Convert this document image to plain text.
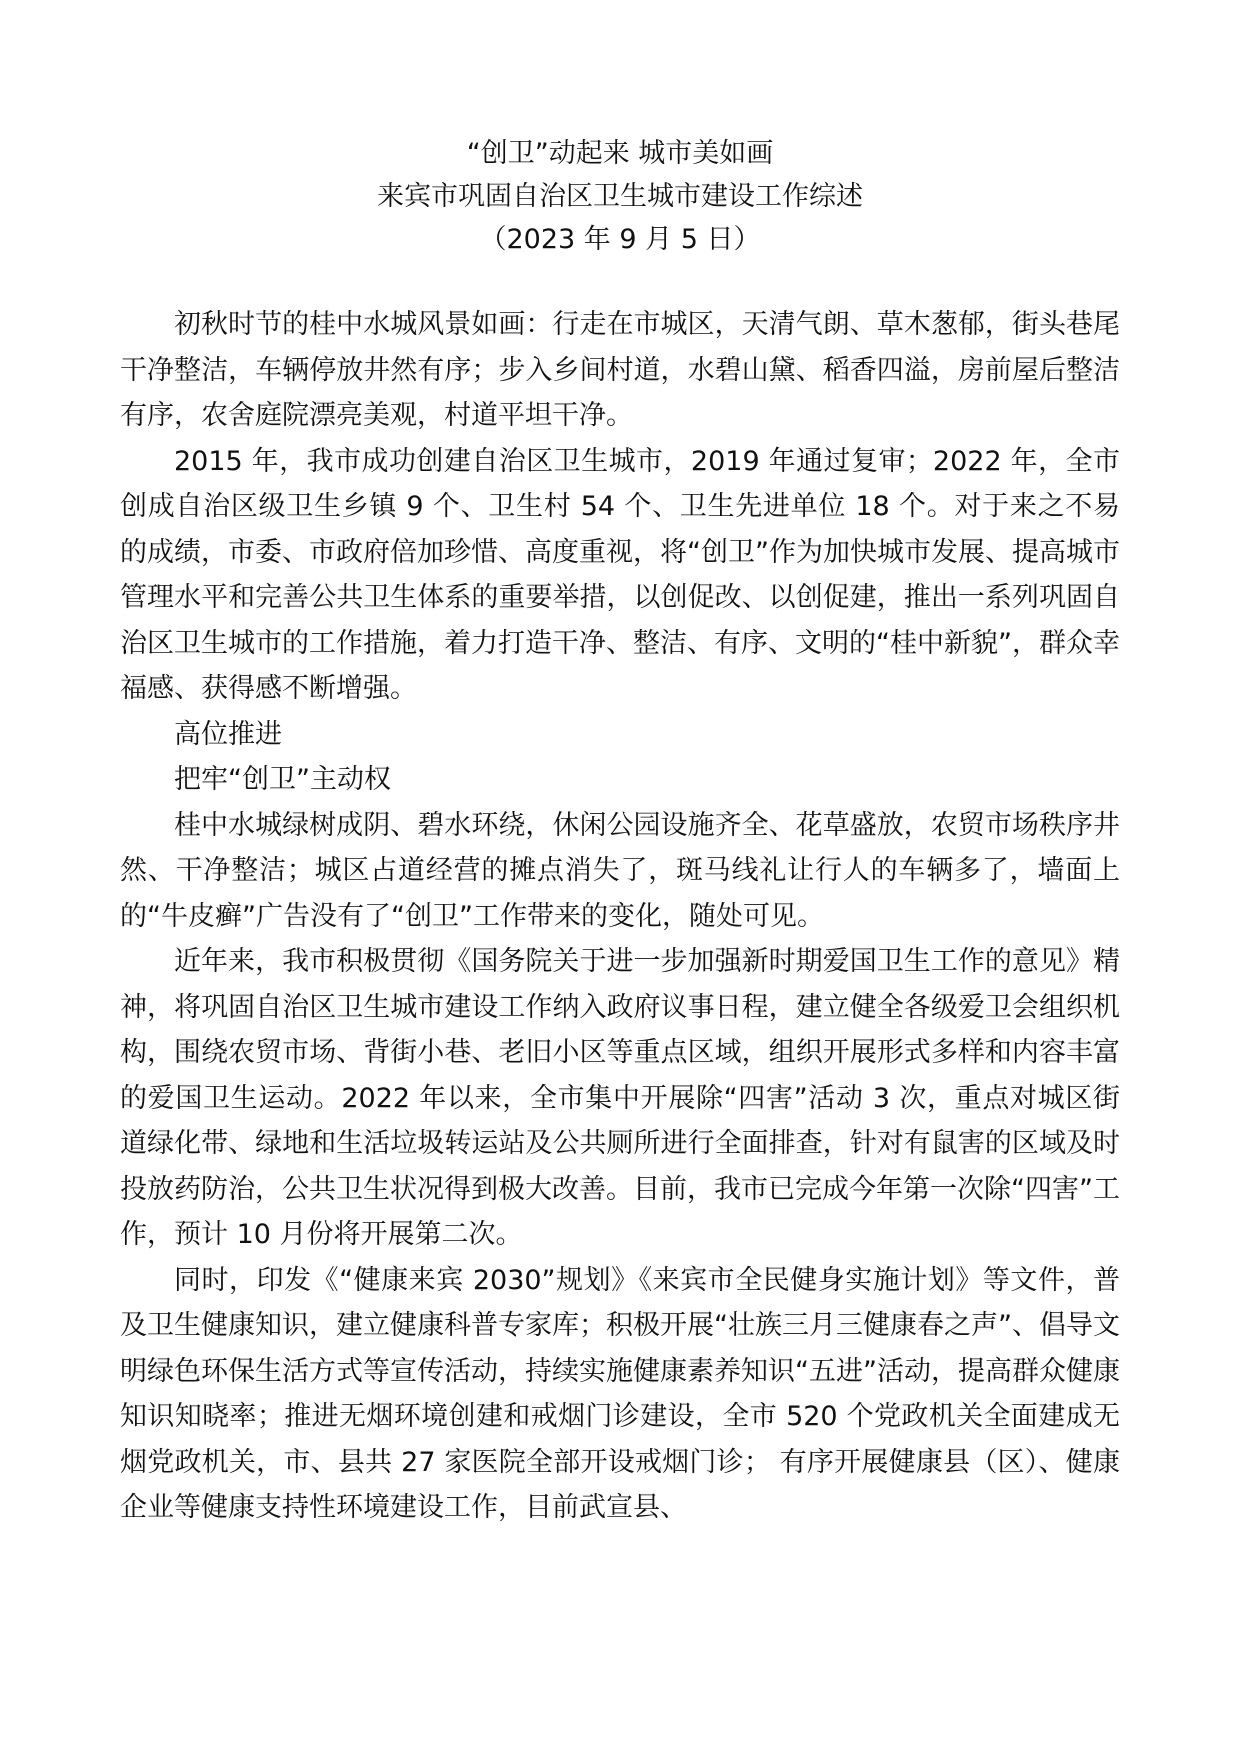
“创卫”动起来 城市美如画
来宾市巩固自治区卫生城市建设工作综述
（2023 年 9 月 5 日）

初秋时节的桂中水城风景如画：行走在市城区，天清气朗、草木葱郁，街头巷尾干净整洁，车辆停放井然有序；步入乡间村道，水碧山黛、稻香四溢，房前屋后整洁有序，农舍庭院漂亮美观，村道平坦干净。

2015 年，我市成功创建自治区卫生城市，2019 年通过复审；2022 年，全市创成自治区级卫生乡镇 9 个、卫生村 54 个、卫生先进单位 18 个。对于来之不易的成绩，市委、市政府倍加珍惜、高度重视，将“创卫”作为加快城市发展、提高城市管理水平和完善公共卫生体系的重要举措，以创促改、以创促建，推出一系列巩固自治区卫生城市的工作措施，着力打造干净、整洁、有序、文明的“桂中新貌”，群众幸福感、获得感不断增强。

高位推进

把牢“创卫”主动权

桂中水城绿树成阴、碧水环绕，休闲公园设施齐全、花草盛放，农贸市场秩序井然、干净整洁；城区占道经营的摊点消失了，斑马线礼让行人的车辆多了，墙面上的“牛皮癣”广告没有了“创卫”工作带来的变化，随处可见。

近年来，我市积极贯彻《国务院关于进一步加强新时期爱国卫生工作的意见》精神，将巩固自治区卫生城市建设工作纳入政府议事日程，建立健全各级爱卫会组织机构，围绕农贸市场、背街小巷、老旧小区等重点区域，组织开展形式多样和内容丰富的爱国卫生运动。2022 年以来，全市集中开展除“四害”活动 3 次，重点对城区街道绿化带、绿地和生活垃圾转运站及公共厕所进行全面排查，针对有鼠害的区域及时投放药防治，公共卫生状况得到极大改善。目前，我市已完成今年第一次除“四害”工作，预计 10 月份将开展第二次。

同时，印发《“健康来宾 2030”规划》《来宾市全民健身实施计划》等文件，普及卫生健康知识，建立健康科普专家库；积极开展“壮族三月三健康春之声”、倡导文明绿色环保生活方式等宣传活动，持续实施健康素养知识“五进”活动，提高群众健康知识知晓率；推进无烟环境创建和戒烟门诊建设，全市 520 个党政机关全面建成无烟党政机关，市、县共 27 家医院全部开设戒烟门诊； 有序开展健康县（区）、健康企业等健康支持性环境建设工作，目前武宣县、
